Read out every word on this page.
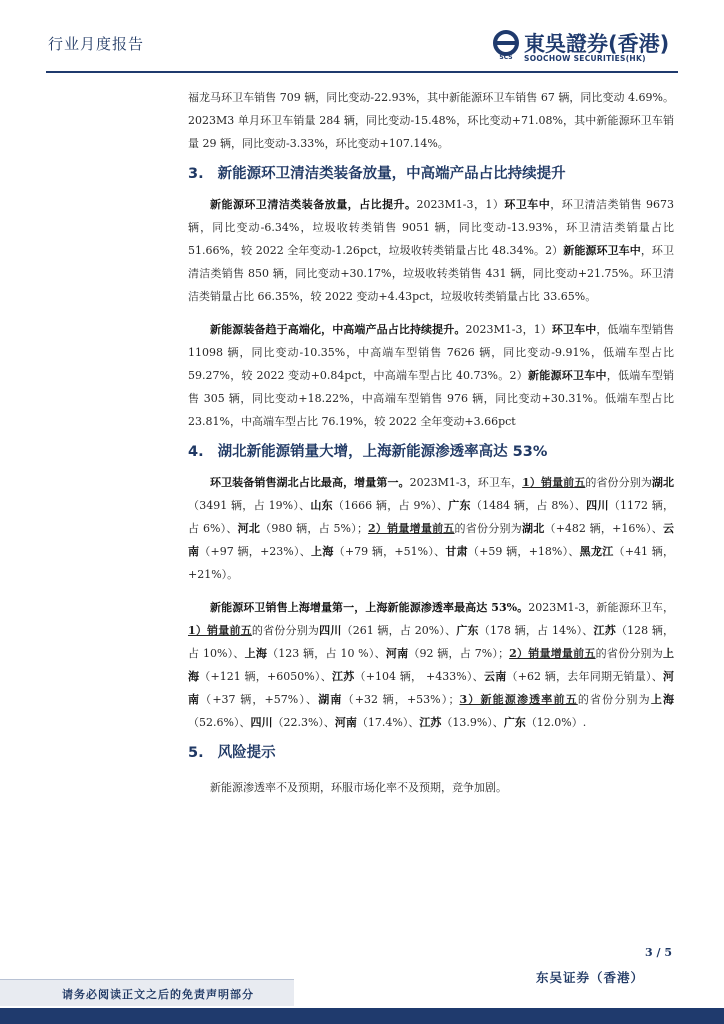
行业月度报告
SCS
東吳證券(香港)
SOOCHOW SECURITIES(HK)

福龙马环卫车销售 709 辆，同比变动-22.93%，其中新能源环卫车销售 67 辆，同比变动 4.69%。2023M3 单月环卫车销量 284 辆，同比变动-15.48%，环比变动+71.08%，其中新能源环卫车销量 29 辆，同比变动-3.33%，环比变动+107.14%。

3. 新能源环卫清洁类装备放量，中高端产品占比持续提升

新能源环卫清洁类装备放量，占比提升。2023M1-3，1）环卫车中，环卫清洁类销售 9673 辆，同比变动-6.34%，垃圾收转类销售 9051 辆，同比变动-13.93%，环卫清洁类销量占比 51.66%，较 2022 全年变动-1.26pct，垃圾收转类销量占比 48.34%。2）新能源环卫车中，环卫清洁类销售 850 辆，同比变动+30.17%，垃圾收转类销售 431 辆，同比变动+21.75%。环卫清洁类销量占比 66.35%，较 2022 变动+4.43pct，垃圾收转类销量占比 33.65%。

新能源装备趋于高端化，中高端产品占比持续提升。2023M1-3，1）环卫车中，低端车型销售 11098 辆，同比变动-10.35%，中高端车型销售 7626 辆，同比变动-9.91%，低端车型占比 59.27%，较 2022 变动+0.84pct，中高端车型占比 40.73%。2）新能源环卫车中，低端车型销售 305 辆，同比变动+18.22%，中高端车型销售 976 辆，同比变动+30.31%。低端车型占比 23.81%，中高端车型占比 76.19%，较 2022 全年变动+3.66pct

4. 湖北新能源销量大增，上海新能源渗透率高达 53%

环卫装备销售湖北占比最高，增量第一。2023M1-3，环卫车，1）销量前五的省份分别为湖北（3491 辆，占 19%）、山东（1666 辆，占 9%）、广东（1484 辆，占 8%）、四川（1172 辆，占 6%）、河北（980 辆，占 5%）；2）销量增量前五的省份分别为湖北（+482 辆，+16%）、云南（+97 辆，+23%）、上海（+79 辆，+51%）、甘肃（+59 辆，+18%）、黑龙江（+41 辆，+21%）。

新能源环卫销售上海增量第一，上海新能源渗透率最高达 53%。2023M1-3，新能源环卫车，1）销量前五的省份分别为四川（261 辆，占 20%）、广东（178 辆，占 14%）、江苏（128 辆，占 10%）、上海（123 辆，占 10 %）、河南（92 辆，占 7%）；2）销量增量前五的省份分别为上海（+121 辆，+6050%）、江苏（+104 辆， +433%）、云南（+62 辆，去年同期无销量）、河南（+37 辆，+57%）、湖南（+32 辆，+53%）；3）新能源渗透率前五的省份分别为上海（52.6%）、四川（22.3%）、河南（17.4%）、江苏（13.9%）、广东（12.0%）.

5. 风险提示

新能源渗透率不及预期，环服市场化率不及预期，竞争加剧。

3 / 5
东吴证券（香港）
请务必阅读正文之后的免责声明部分
